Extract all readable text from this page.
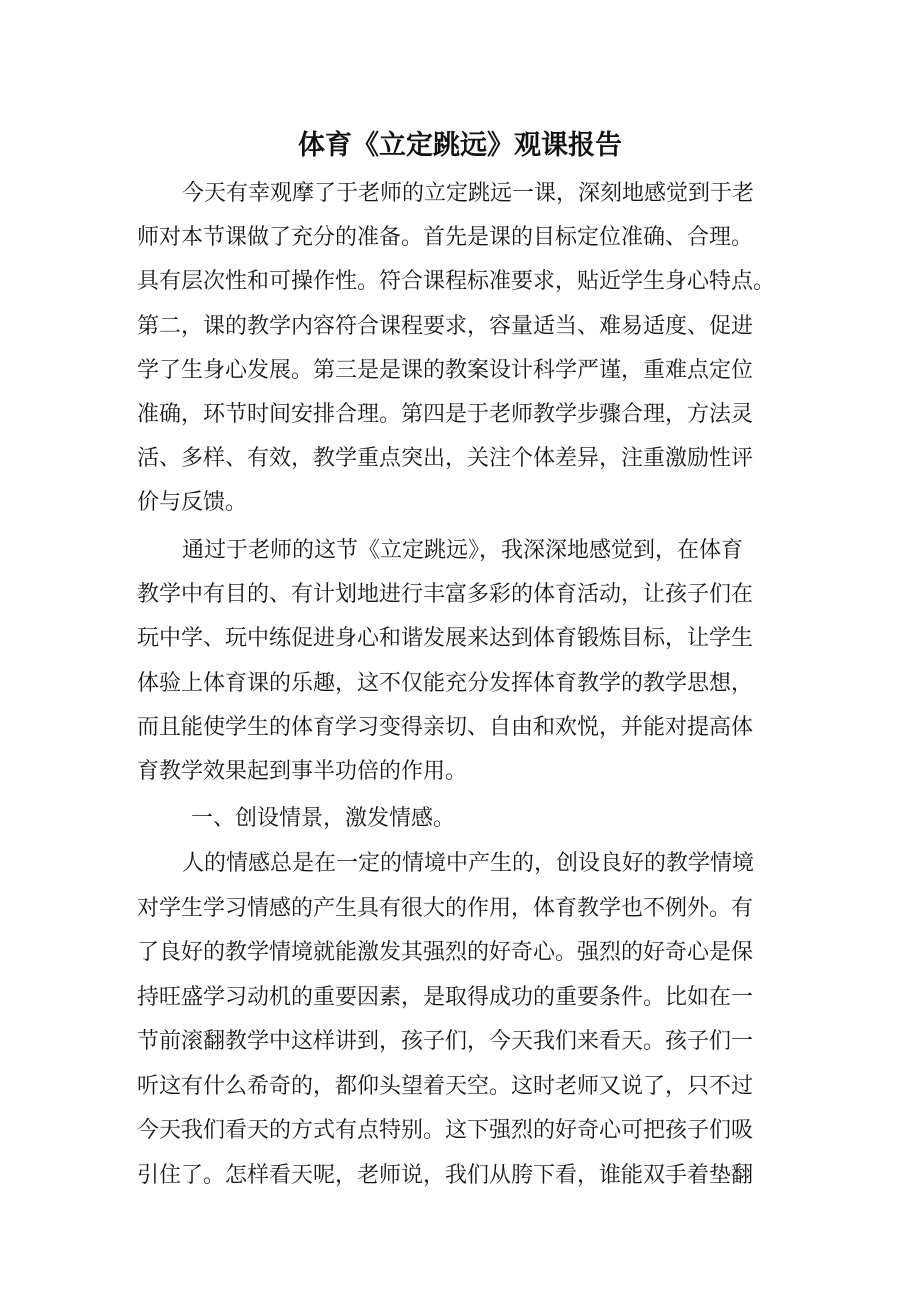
体育《立定跳远》观课报告
今天有幸观摩了于老师的立定跳远一课，深刻地感觉到于老
师对本节课做了充分的准备。首先是课的目标定位准确、合理。
具有层次性和可操作性。符合课程标准要求，贴近学生身心特点。
第二，课的教学内容符合课程要求，容量适当、难易适度、促进
学了生身心发展。第三是是课的教案设计科学严谨，重难点定位
准确，环节时间安排合理。第四是于老师教学步骤合理，方法灵
活、多样、有效，教学重点突出，关注个体差异，注重激励性评
价与反馈。
通过于老师的这节《立定跳远》，我深深地感觉到，在体育
教学中有目的、有计划地进行丰富多彩的体育活动，让孩子们在
玩中学、玩中练促进身心和谐发展来达到体育锻炼目标，让学生
体验上体育课的乐趣，这不仅能充分发挥体育教学的教学思想，
而且能使学生的体育学习变得亲切、自由和欢悦，并能对提高体
育教学效果起到事半功倍的作用。
一、创设情景，激发情感。
人的情感总是在一定的情境中产生的，创设良好的教学情境
对学生学习情感的产生具有很大的作用，体育教学也不例外。有
了良好的教学情境就能激发其强烈的好奇心。强烈的好奇心是保
持旺盛学习动机的重要因素，是取得成功的重要条件。比如在一
节前滚翻教学中这样讲到，孩子们，今天我们来看天。孩子们一
听这有什么希奇的，都仰头望着天空。这时老师又说了，只不过
今天我们看天的方式有点特别。这下强烈的好奇心可把孩子们吸
引住了。怎样看天呢，老师说，我们从胯下看，谁能双手着垫翻
